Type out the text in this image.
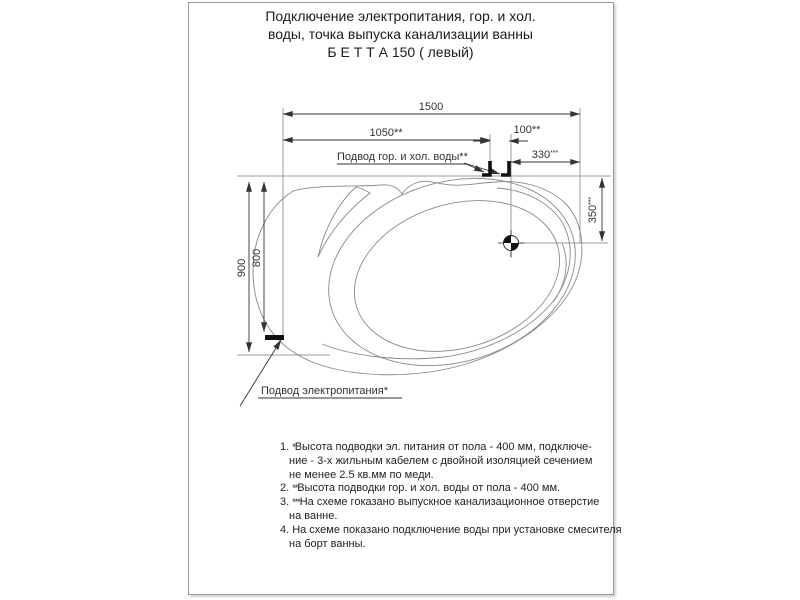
Подключение электропитания, гор. и хол.
воды, точка выпуска канализации ванны
Б Е Т Т А 150 ( левый)
1500
1050**	100**
330***
350***
900
800
Подвод гор. и хол. воды**
Подвод электропитания*
1. *Высота подводки эл. питания от пола - 400 мм, подключе-
ние - 3-х жильным кабелем с двойной изоляцией сечением
не менее 2.5 кв.мм по меди.
2. **Высота подводки гор. и хол. воды от пола - 400 мм.
3. ***На схеме гоказано выпускное канализационное отверстие
на ванне.
4. На схеме показано подключение воды при установке смесителя
на борт ванны.
